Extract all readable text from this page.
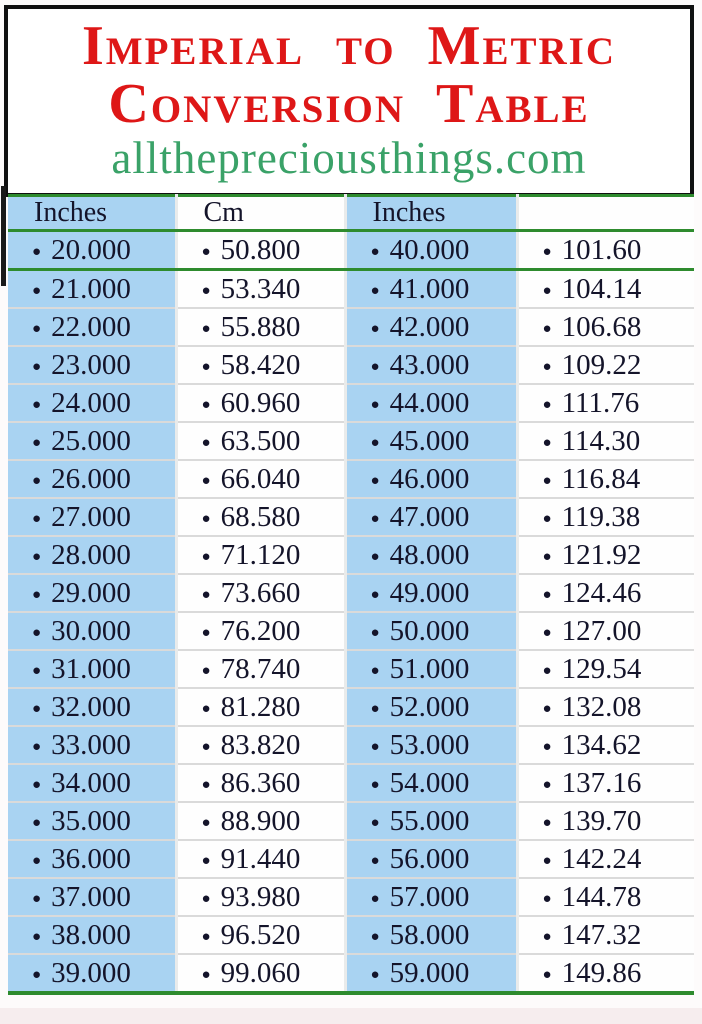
Imperial to Metric
Conversion Table
allthepreciousthings.com
Inches	Cm	Inches	
● 20.000	● 50.800	● 40.000	● 101.60
● 21.000	● 53.340	● 41.000	● 104.14
● 22.000	● 55.880	● 42.000	● 106.68
● 23.000	● 58.420	● 43.000	● 109.22
● 24.000	● 60.960	● 44.000	● 111.76
● 25.000	● 63.500	● 45.000	● 114.30
● 26.000	● 66.040	● 46.000	● 116.84
● 27.000	● 68.580	● 47.000	● 119.38
● 28.000	● 71.120	● 48.000	● 121.92
● 29.000	● 73.660	● 49.000	● 124.46
● 30.000	● 76.200	● 50.000	● 127.00
● 31.000	● 78.740	● 51.000	● 129.54
● 32.000	● 81.280	● 52.000	● 132.08
● 33.000	● 83.820	● 53.000	● 134.62
● 34.000	● 86.360	● 54.000	● 137.16
● 35.000	● 88.900	● 55.000	● 139.70
● 36.000	● 91.440	● 56.000	● 142.24
● 37.000	● 93.980	● 57.000	● 144.78
● 38.000	● 96.520	● 58.000	● 147.32
● 39.000	● 99.060	● 59.000	● 149.86
